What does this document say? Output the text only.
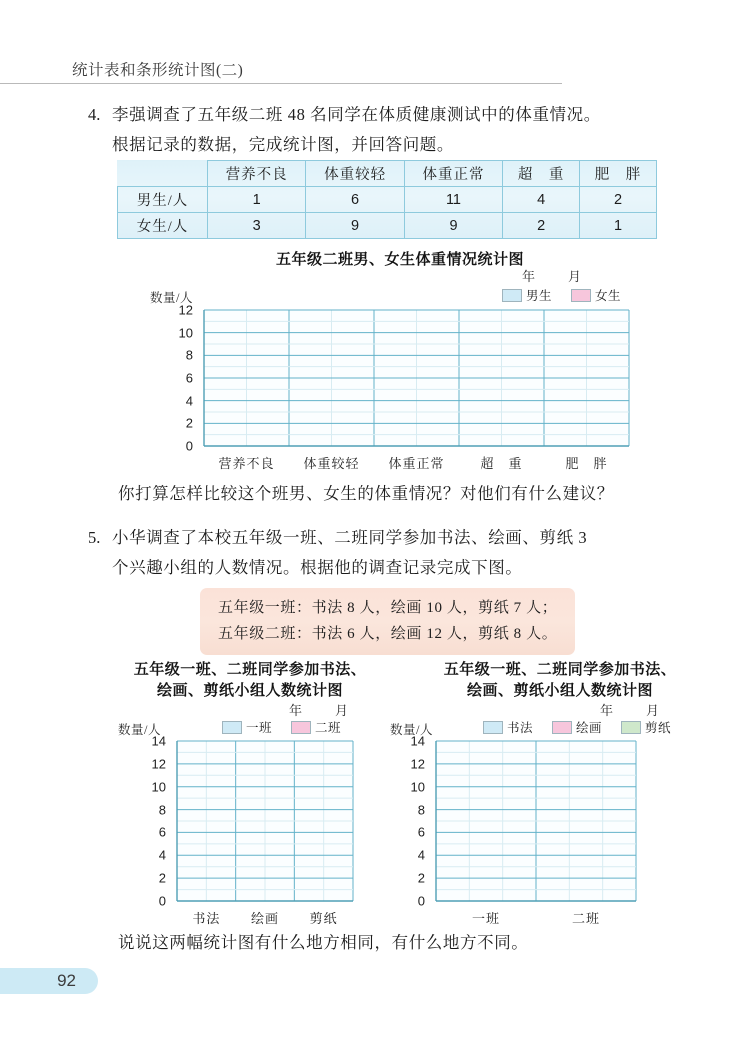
统计表和条形统计图(二)
4. 李强调查了五年级二班 48 名同学在体质健康测试中的体重情况。
根据记录的数据，完成统计图，并回答问题。
	营养不良	体重较轻	体重正常	超　重	肥　胖
男生/人	1	6	11	4	2
女生/人	3	9	9	2	1
五年级二班男、女生体重情况统计图
年　月
数量/人	男生	女生
0
2
4
6
8
10
12
营养不良 体重较轻 体重正常	超　重	肥　胖
你打算怎样比较这个班男、女生的体重情况？对他们有什么建议？
5. 小华调查了本校五年级一班、二班同学参加书法、绘画、剪纸 3
个兴趣小组的人数情况。根据他的调查记录完成下图。
五年级一班：书法 8 人，绘画 10 人，剪纸 7 人；
五年级二班：书法 6 人，绘画 12 人，剪纸 8 人。
五年级一班、二班同学参加书法、
绘画、剪纸小组人数统计图
年　月
数量/人	一班	二班
0
2
4
6
8
10
12
14
书法 绘画 剪纸
五年级一班、二班同学参加书法、
绘画、剪纸小组人数统计图
年　月
数量/人	书法	绘画	剪纸
0
2
4
6
8
10
12
14
一班	二班
说说这两幅统计图有什么地方相同，有什么地方不同。
92
